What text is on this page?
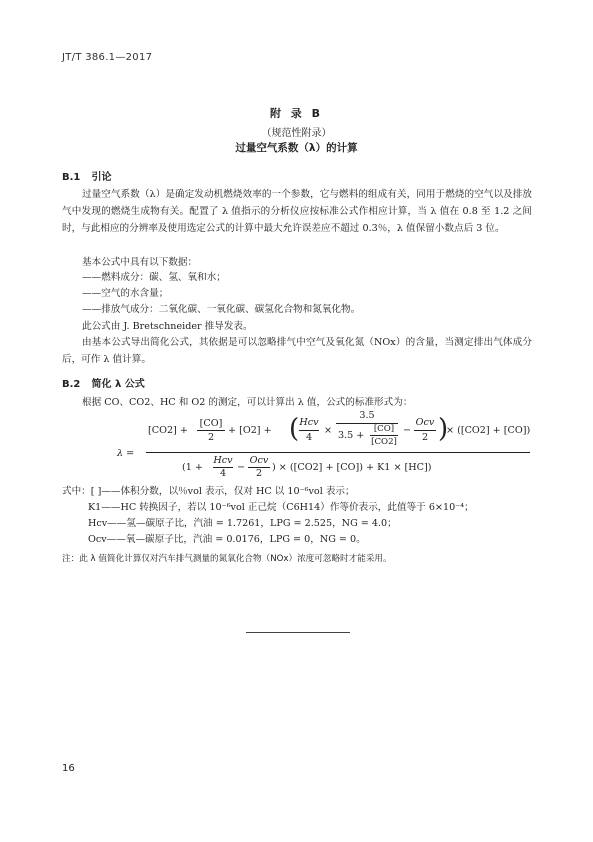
JT/T 386.1—2017
附 录 B
（规范性附录）
过量空气系数（λ）的计算
B.1 引论

过量空气系数（λ）是确定发动机燃烧效率的一个参数，它与燃料的组成有关，同用于燃烧的空气以及排放气中发现的燃烧生成物有关。配置了 λ 值指示的分析仪应按标准公式作相应计算，当 λ 值在 0.8 至 1.2 之间时，与此相应的分辨率及使用选定公式的计算中最大允许误差应不超过 0.3％，λ 值保留小数点后 3 位。

基本公式中具有以下数据：

——燃料成分：碳、氢、氧和水；
——空气的水含量；
——排放气成分：二氧化碳、一氧化碳、碳氢化合物和氮氧化物。

此公式由 J. Bretschneider 推导发表。

由基本公式导出简化公式，其依据是可以忽略排气中空气及氧化氮（NOx）的含量，当测定排出气体成分后，可作 λ 值计算。

B.2 简化 λ 公式

根据 CO、CO2、HC 和 O2 的测定，可以计算出 λ 值，公式的标准形式为：

λ =
[CO2] +
[CO]
2
+ [O2] + ( Hcv
4
×
3.5
3.5 +
[CO]
[CO2]
−
Ocv
2 )
× ([CO2] + [CO])
(1 +
Hcv
4
−
Ocv
2
) × ([CO2] + [CO]) + K1 × [HC])
式中：[ ]——体积分数，以％vol 表示，仅对 HC 以 10⁻⁶vol 表示；
K1——HC 转换因子，若以 10⁻⁶vol 正己烷（C6H14）作等价表示，此值等于 6×10⁻⁴；
Hcv——氢—碳原子比，汽油 = 1.7261，LPG = 2.525，NG = 4.0；
Ocv——氧—碳原子比，汽油 = 0.0176，LPG = 0，NG = 0。
注：此 λ 值简化计算仅对汽车排气测量的氮氧化合物（NOx）浓度可忽略时才能采用。
16
